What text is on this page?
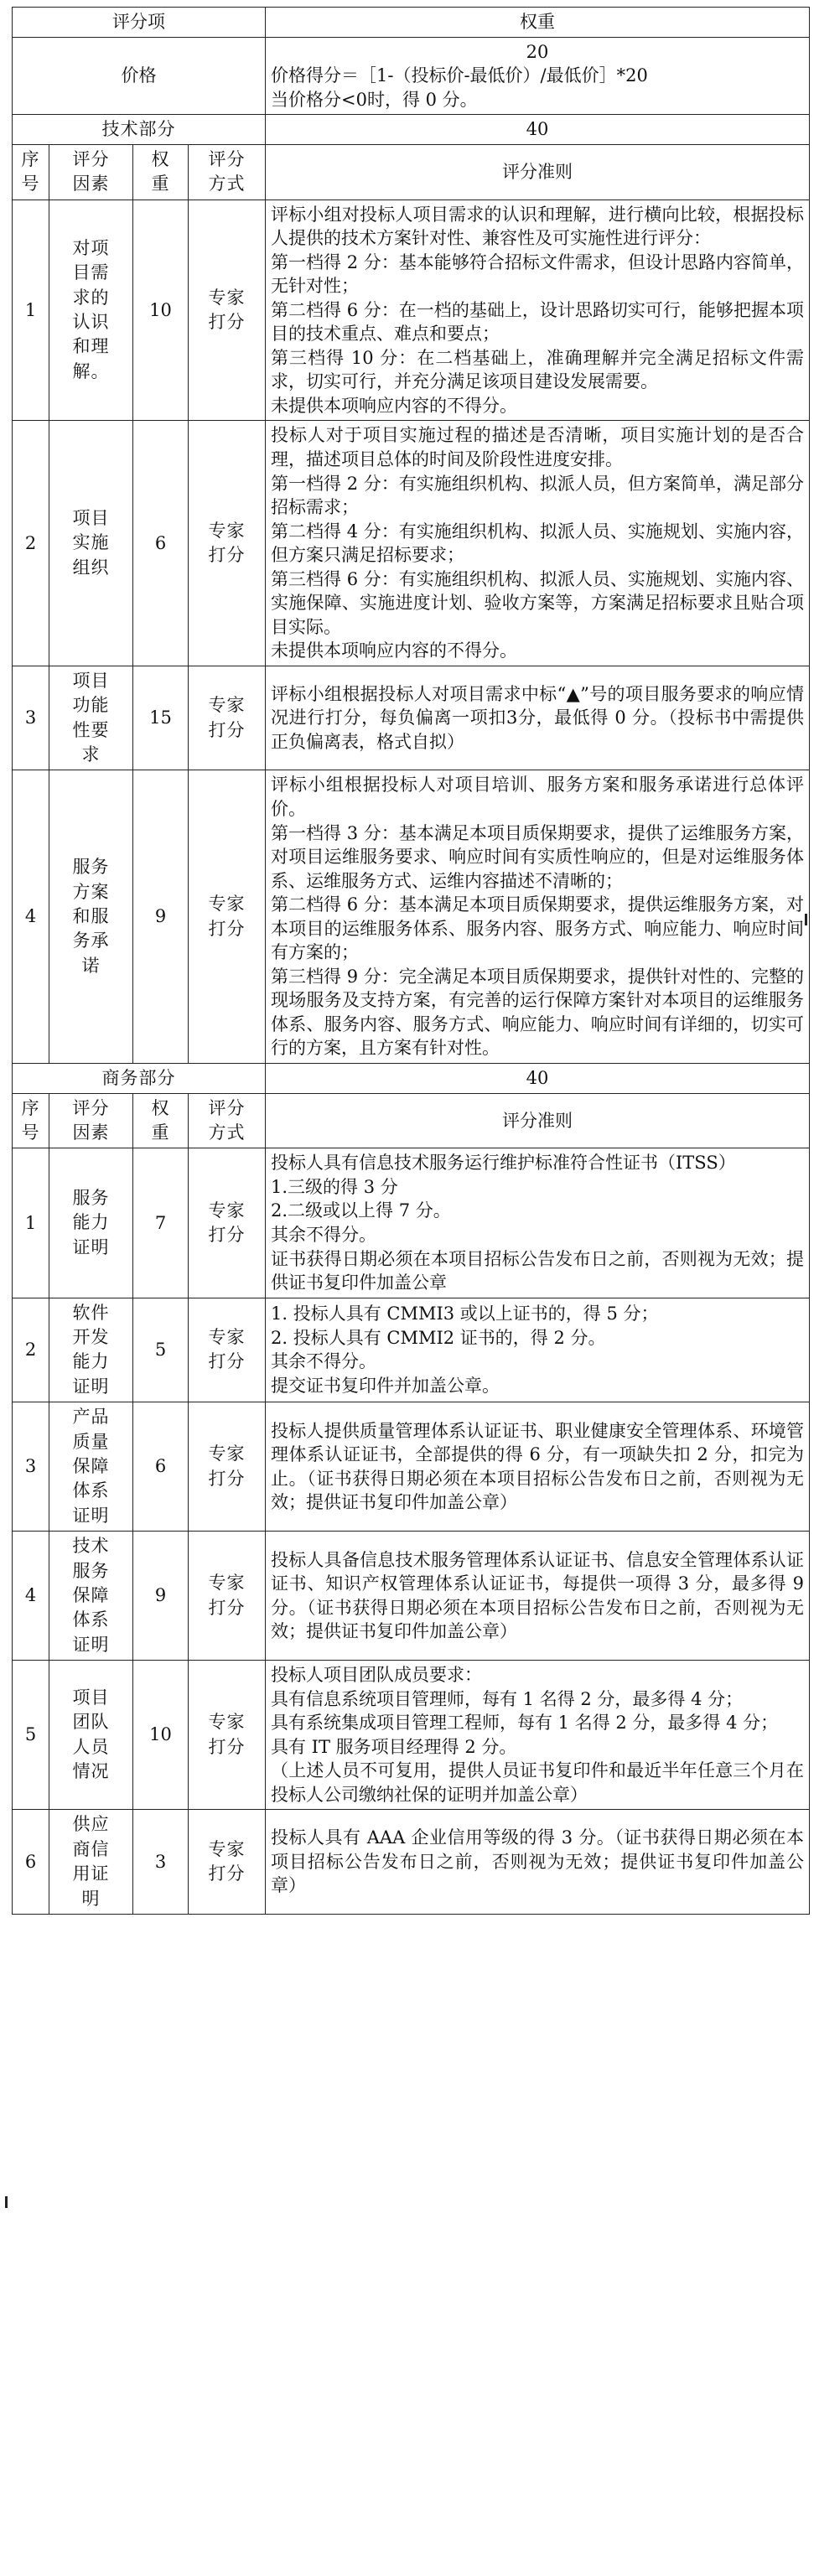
评分项				权重
价格				20
价格得分＝［1-（投标价-最低价）/最低价］*20
当价格分<0时，得 0 分。

技术部分				40

序号	评分因素	权重	评分方式	评分准则
1	对项目需求的认识和理解。	10	专家打分	评标小组对投标人项目需求的认识和理解，进行横向比较，根据投标人提供的技术方案针对性、兼容性及可实施性进行评分：
第一档得 2 分：基本能够符合招标文件需求，但设计思路内容简单，无针对性；
第二档得 6 分：在一档的基础上，设计思路切实可行，能够把握本项目的技术重点、难点和要点；
第三档得 10 分：在二档基础上，准确理解并完全满足招标文件需求，切实可行，并充分满足该项目建设发展需要。
未提供本项响应内容的不得分。

2	项目实施组织	6	专家打分	投标人对于项目实施过程的描述是否清晰，项目实施计划的是否合理，描述项目总体的时间及阶段性进度安排。
第一档得 2 分：有实施组织机构、拟派人员，但方案简单，满足部分招标需求；
第二档得 4 分：有实施组织机构、拟派人员、实施规划、实施内容，但方案只满足招标要求；
第三档得 6 分：有实施组织机构、拟派人员、实施规划、实施内容、实施保障、实施进度计划、验收方案等，方案满足招标要求且贴合项目实际。
未提供本项响应内容的不得分。

3	项目功能性要求	15	专家打分	评标小组根据投标人对项目需求中标“▲”号的项目服务要求的响应情况进行打分，每负偏离一项扣3分，最低得 0 分。（投标书中需提供正负偏离表，格式自拟）

4	服务方案和服务承诺	9	专家打分	评标小组根据投标人对项目培训、服务方案和服务承诺进行总体评价。
第一档得 3 分：基本满足本项目质保期要求，提供了运维服务方案，对项目运维服务要求、响应时间有实质性响应的，但是对运维服务体系、运维服务方式、运维内容描述不清晰的；
第二档得 6 分：基本满足本项目质保期要求，提供运维服务方案，对本项目的运维服务体系、服务内容、服务方式、响应能力、响应时间有方案的；
第三档得 9 分：完全满足本项目质保期要求，提供针对性的、完整的现场服务及支持方案，有完善的运行保障方案针对本项目的运维服务体系、服务内容、服务方式、响应能力、响应时间有详细的，切实可行的方案，且方案有针对性。

商务部分				40

序号	评分因素	权重	评分方式	评分准则
1	服务能力证明	7	专家打分	投标人具有信息技术服务运行维护标准符合性证书（ITSS）
1.三级的得 3 分
2.二级或以上得 7 分。
其余不得分。
证书获得日期必须在本项目招标公告发布日之前，否则视为无效；提供证书复印件加盖公章

2	软件开发能力证明	5	专家打分	1. 投标人具有 CMMI3 或以上证书的，得 5 分；
2. 投标人具有 CMMI2 证书的，得 2 分。
其余不得分。
提交证书复印件并加盖公章。

3	产品质量保障体系证明	6	专家打分	投标人提供质量管理体系认证证书、职业健康安全管理体系、环境管理体系认证证书，全部提供的得 6 分，有一项缺失扣 2 分，扣完为止。（证书获得日期必须在本项目招标公告发布日之前，否则视为无效；提供证书复印件加盖公章）

4	技术服务保障体系证明	9	专家打分	投标人具备信息技术服务管理体系认证证书、信息安全管理体系认证证书、知识产权管理体系认证证书，每提供一项得 3 分，最多得 9 分。（证书获得日期必须在本项目招标公告发布日之前，否则视为无效；提供证书复印件加盖公章）

5	项目团队人员情况	10	专家打分	投标人项目团队成员要求：
具有信息系统项目管理师，每有 1 名得 2 分，最多得 4 分；
具有系统集成项目管理工程师，每有 1 名得 2 分，最多得 4 分；
具有 IT 服务项目经理得 2 分。
（上述人员不可复用，提供人员证书复印件和最近半年任意三个月在投标人公司缴纳社保的证明并加盖公章）

6	供应商信用证明	3	专家打分	投标人具有 AAA 企业信用等级的得 3 分。（证书获得日期必须在本项目招标公告发布日之前，否则视为无效；提供证书复印件加盖公章）
